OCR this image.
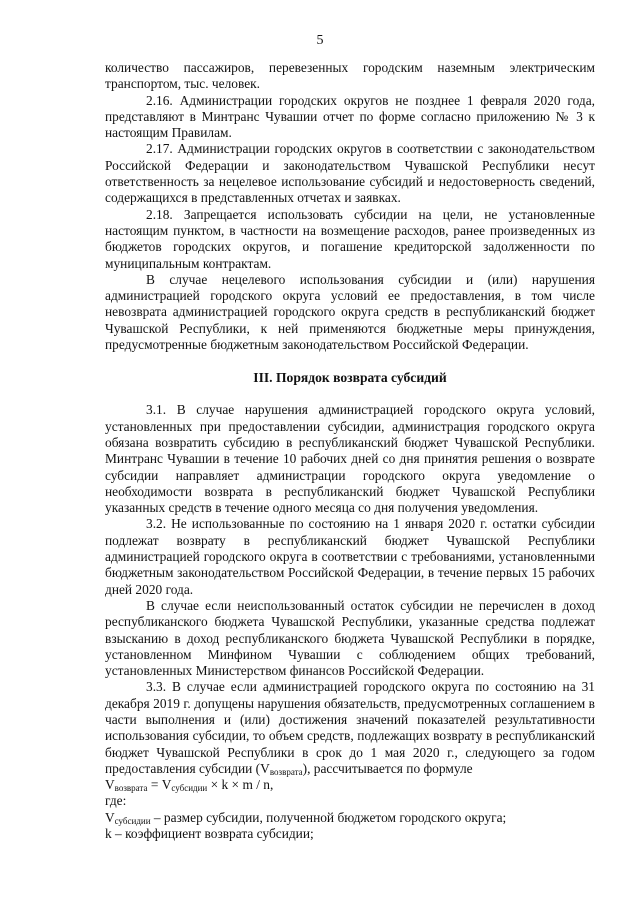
5

количество пассажиров, перевезенных городским наземным электрическим транспортом, тыс. человек.

2.16. Администрации городских округов не позднее 1 февраля 2020 года, представляют в Минтранс Чувашии отчет по форме согласно приложению № 3 к настоящим Правилам.

2.17. Администрации городских округов в соответствии с законодательством Российской Федерации и законодательством Чувашской Республики несут ответственность за нецелевое использование субсидий и недостоверность сведений, содержащихся в представленных отчетах и заявках.

2.18. Запрещается использовать субсидии на цели, не установленные настоящим пунктом, в частности на возмещение расходов, ранее произведенных из бюджетов городских округов, и погашение кредиторской задолженности по муниципальным контрактам.

В случае нецелевого использования субсидии и (или) нарушения администрацией городского округа условий ее предоставления, в том числе невозврата администрацией городского округа средств в республиканский бюджет Чувашской Республики, к ней применяются бюджетные меры принуждения, предусмотренные бюджетным законодательством Российской Федерации.

III. Порядок возврата субсидий

3.1. В случае нарушения администрацией городского округа условий, установленных при предоставлении субсидии, администрация городского округа обязана возвратить субсидию в республиканский бюджет Чувашской Республики. Минтранс Чувашии в течение 10 рабочих дней со дня принятия решения о возврате субсидии направляет администрации городского округа уведомление о необходимости возврата в республиканский бюджет Чувашской Республики указанных средств в течение одного месяца со дня получения уведомления.

3.2. Не использованные по состоянию на 1 января 2020 г. остатки субсидии подлежат возврату в республиканский бюджет Чувашской Республики администрацией городского округа в соответствии с требованиями, установленными бюджетным законодательством Российской Федерации, в течение первых 15 рабочих дней 2020 года.

В случае если неиспользованный остаток субсидии не перечислен в доход республиканского бюджета Чувашской Республики, указанные средства подлежат взысканию в доход республиканского бюджета Чувашской Республики в порядке, установленном Минфином Чувашии с соблюдением общих требований, установленных Министерством финансов Российской Федерации.

3.3. В случае если администрацией городского округа по состоянию на 31 декабря 2019 г. допущены нарушения обязательств, предусмотренных соглашением в части выполнения и (или) достижения значений показателей результативности использования субсидии, то объем средств, подлежащих возврату в республиканский бюджет Чувашской Республики в срок до 1 мая 2020 г., следующего за годом предоставления субсидии $(V_{возврата})$, рассчитывается по формуле

$V_{возврата} = V_{субсидии} \times k \times m / n$,

где:

$V_{субсидии}$ – размер субсидии, полученной бюджетом городского округа;

k – коэффициент возврата субсидии;
